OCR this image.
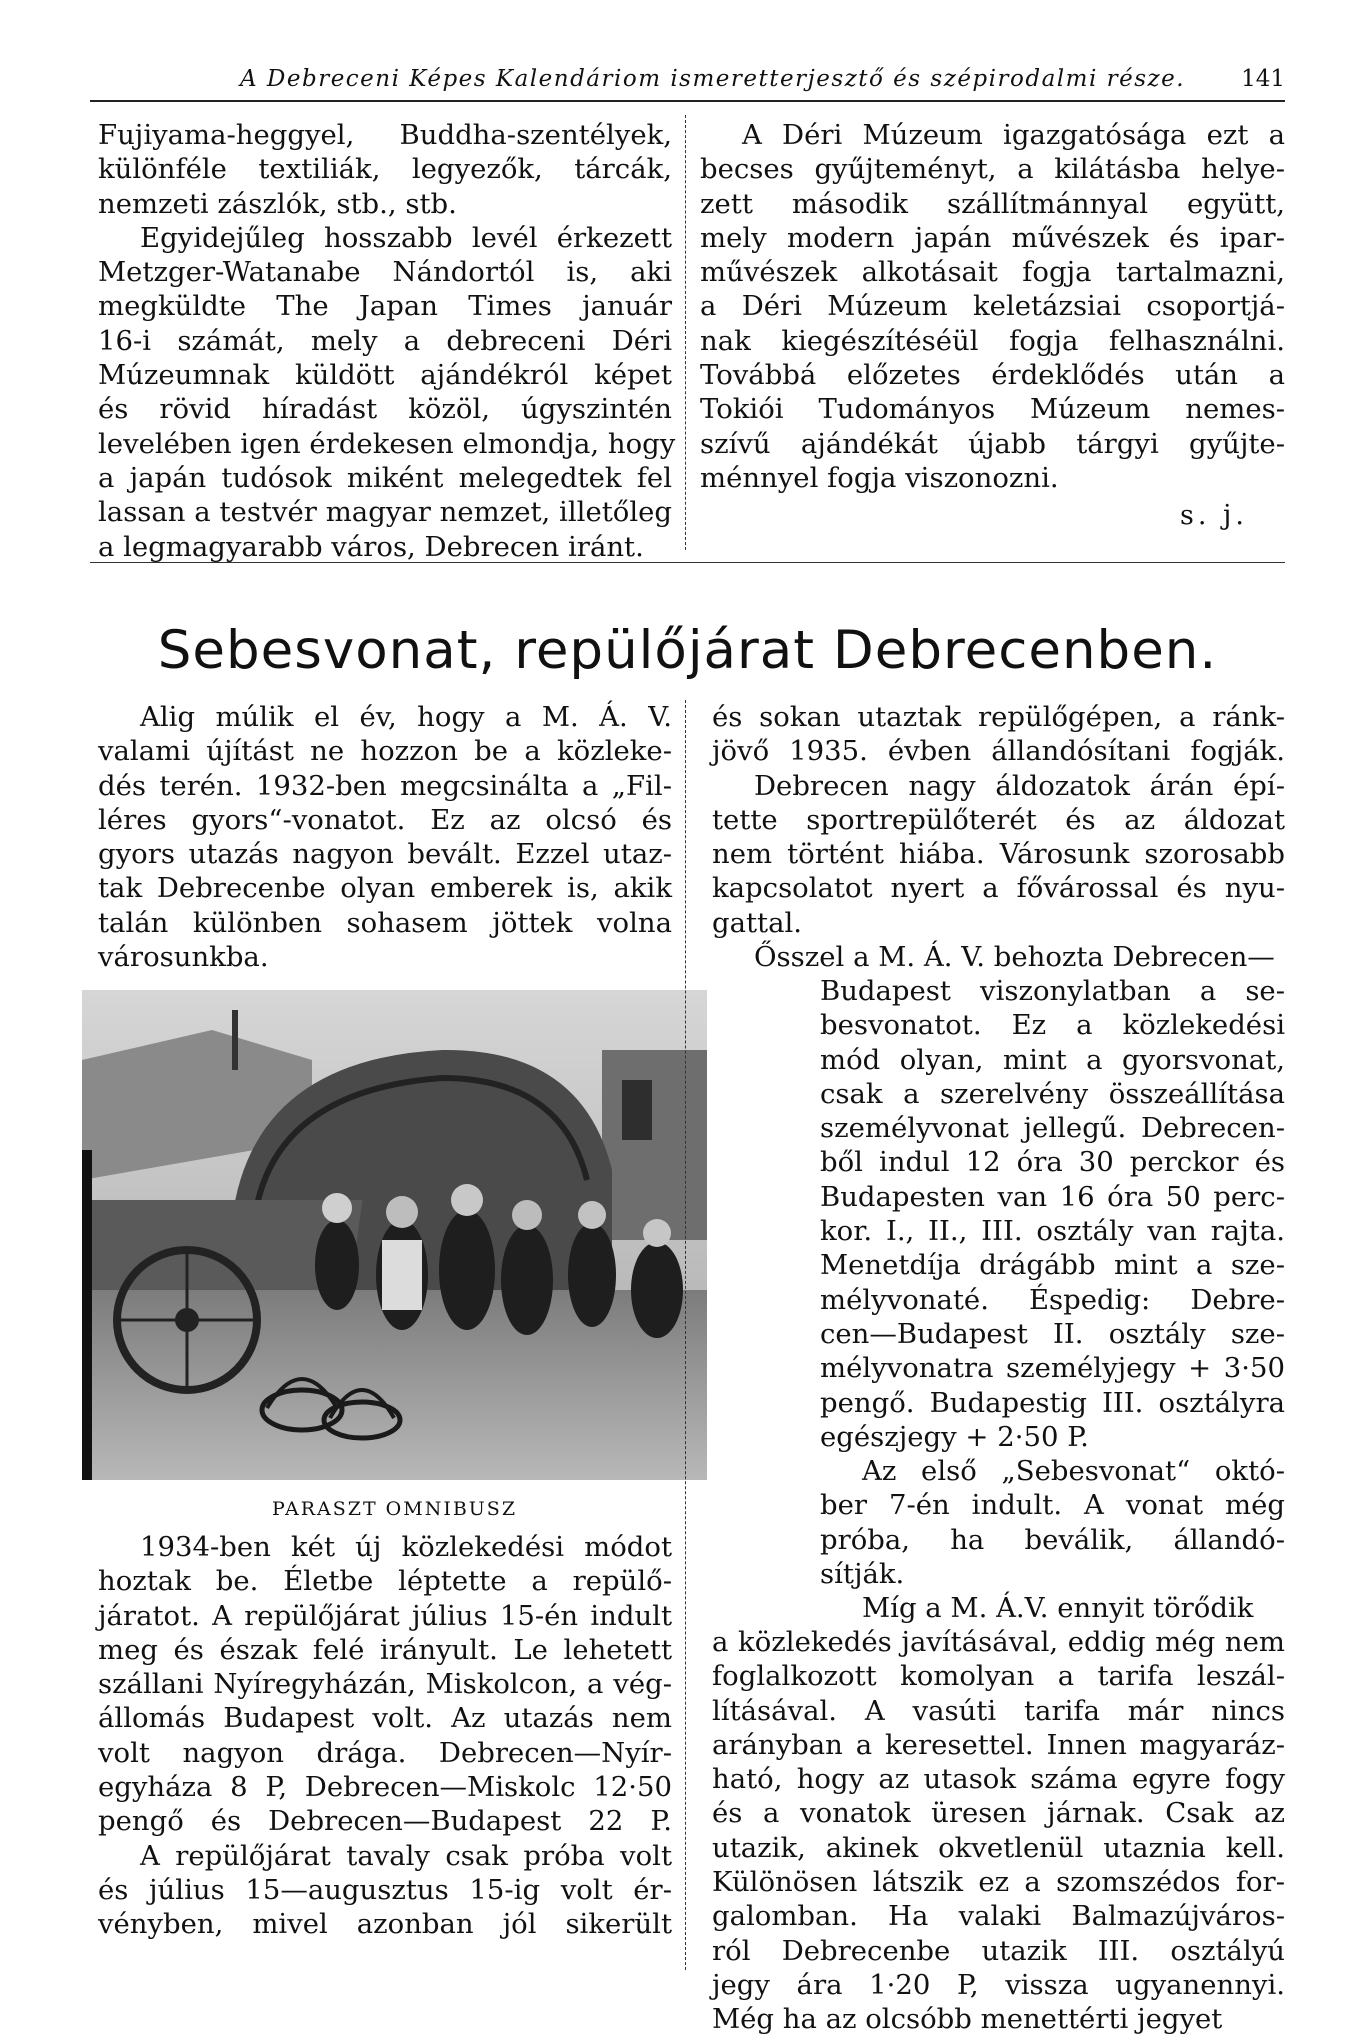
A Debreceni Képes Kalendáriom ismeretterjesztő és szépirodalmi része. 141
Fujiyama-heggyel, Buddha-szentélyek,
különféle textiliák, legyezők, tárcák,
nemzeti zászlók, stb., stb.
Egyidejűleg hosszabb levél érkezett
Metzger-Watanabe Nándortól is, aki
megküldte The Japan Times január
16-i számát, mely a debreceni Déri
Múzeumnak küldött ajándékról képet
és rövid híradást közöl, úgyszintén
levelében igen érdekesen elmondja, hogy
a japán tudósok miként melegedtek fel
lassan a testvér magyar nemzet, illetőleg
a legmagyarabb város, Debrecen iránt.
A Déri Múzeum igazgatósága ezt a
becses gyűjteményt, a kilátásba helye-
zett második szállítmánnyal együtt,
mely modern japán művészek és ipar-
művészek alkotásait fogja tartalmazni,
a Déri Múzeum keletázsiai csoportjá-
nak kiegészítéséül fogja felhasználni.
Továbbá előzetes érdeklődés után a
Tokiói Tudományos Múzeum nemes-
szívű ajándékát újabb tárgyi gyűjte-
ménnyel fogja viszonozni.
s. j.
Sebesvonat, repülőjárat Debrecenben.
Alig múlik el év, hogy a M. Á. V.
valami újítást ne hozzon be a közleke-
dés terén. 1932-ben megcsinálta a „Fil-
léres gyors“-vonatot. Ez az olcsó és
gyors utazás nagyon bevált. Ezzel utaz-
tak Debrecenbe olyan emberek is, akik
talán különben sohasem jöttek volna
városunkba.
PARASZT OMNIBUSZ
1934-ben két új közlekedési módot
hoztak be. Életbe léptette a repülő-
járatot. A repülőjárat július 15-én indult
meg és észak felé irányult. Le lehetett
szállani Nyíregyházán, Miskolcon, a vég-
állomás Budapest volt. Az utazás nem
volt nagyon drága. Debrecen—Nyír-
egyháza 8 P, Debrecen—Miskolc 12·50
pengő és Debrecen—Budapest 22 P.
A repülőjárat tavaly csak próba volt
és július 15—augusztus 15-ig volt ér-
vényben, mivel azonban jól sikerült
és sokan utaztak repülőgépen, a ránk-
jövő 1935. évben állandósítani fogják.
Debrecen nagy áldozatok árán épí-
tette sportrepülőterét és az áldozat
nem történt hiába. Városunk szorosabb
kapcsolatot nyert a fővárossal és nyu-
gattal.
Ősszel a M. Á. V. behozta Debrecen—
Budapest viszonylatban a se-
besvonatot. Ez a közlekedési
mód olyan, mint a gyorsvonat,
csak a szerelvény összeállítása
személyvonat jellegű. Debrecen-
ből indul 12 óra 30 perckor és
Budapesten van 16 óra 50 perc-
kor. I., II., III. osztály van rajta.
Menetdíja drágább mint a sze-
mélyvonaté. Éspedig: Debre-
cen—Budapest II. osztály sze-
mélyvonatra személyjegy + 3·50
pengő. Budapestig III. osztályra
egészjegy + 2·50 P.
Az első „Sebesvonat“ októ-
ber 7-én indult. A vonat még
próba, ha beválik, állandó-
sítják.
Míg a M. Á.V. ennyit törődik
a közlekedés javításával, eddig még nem
foglalkozott komolyan a tarifa leszál-
lításával. A vasúti tarifa már nincs
arányban a keresettel. Innen magyaráz-
ható, hogy az utasok száma egyre fogy
és a vonatok üresen járnak. Csak az
utazik, akinek okvetlenül utaznia kell.
Különösen látszik ez a szomszédos for-
galomban. Ha valaki Balmazújváros-
ról Debrecenbe utazik III. osztályú
jegy ára 1·20 P, vissza ugyanennyi.
Még ha az olcsóbb menettérti jegyet
